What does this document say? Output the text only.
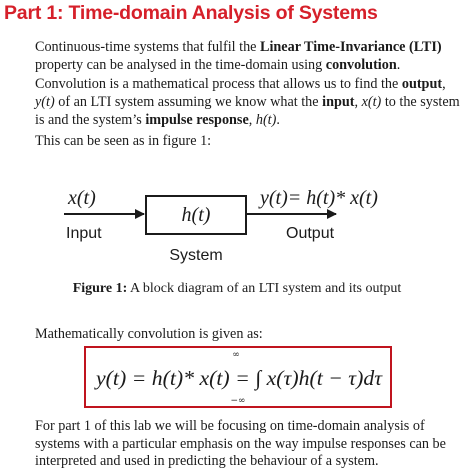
Part 1: Time-domain Analysis of Systems
Continuous-time systems that fulfil the Linear Time-Invariance (LTI) property can be analysed in the time-domain using convolution.
Convolution is a mathematical process that allows us to find the output, y(t) of an LTI system assuming we know what the input, x(t) to the system is and the system’s impulse response, h(t).
This can be seen as in figure 1:
x(t)
Input
h(t)
System
y(t)= h(t)* x(t)
Output
Figure 1: A block diagram of an LTI system and its output
Mathematically convolution is given as:
∞
−∞
y(t) = h(t)* x(t) = ∫ x(τ)h(t − τ)dτ
For part 1 of this lab we will be focusing on time-domain analysis of systems with a particular emphasis on the way impulse responses can be interpreted and used in predicting the behaviour of a system.
